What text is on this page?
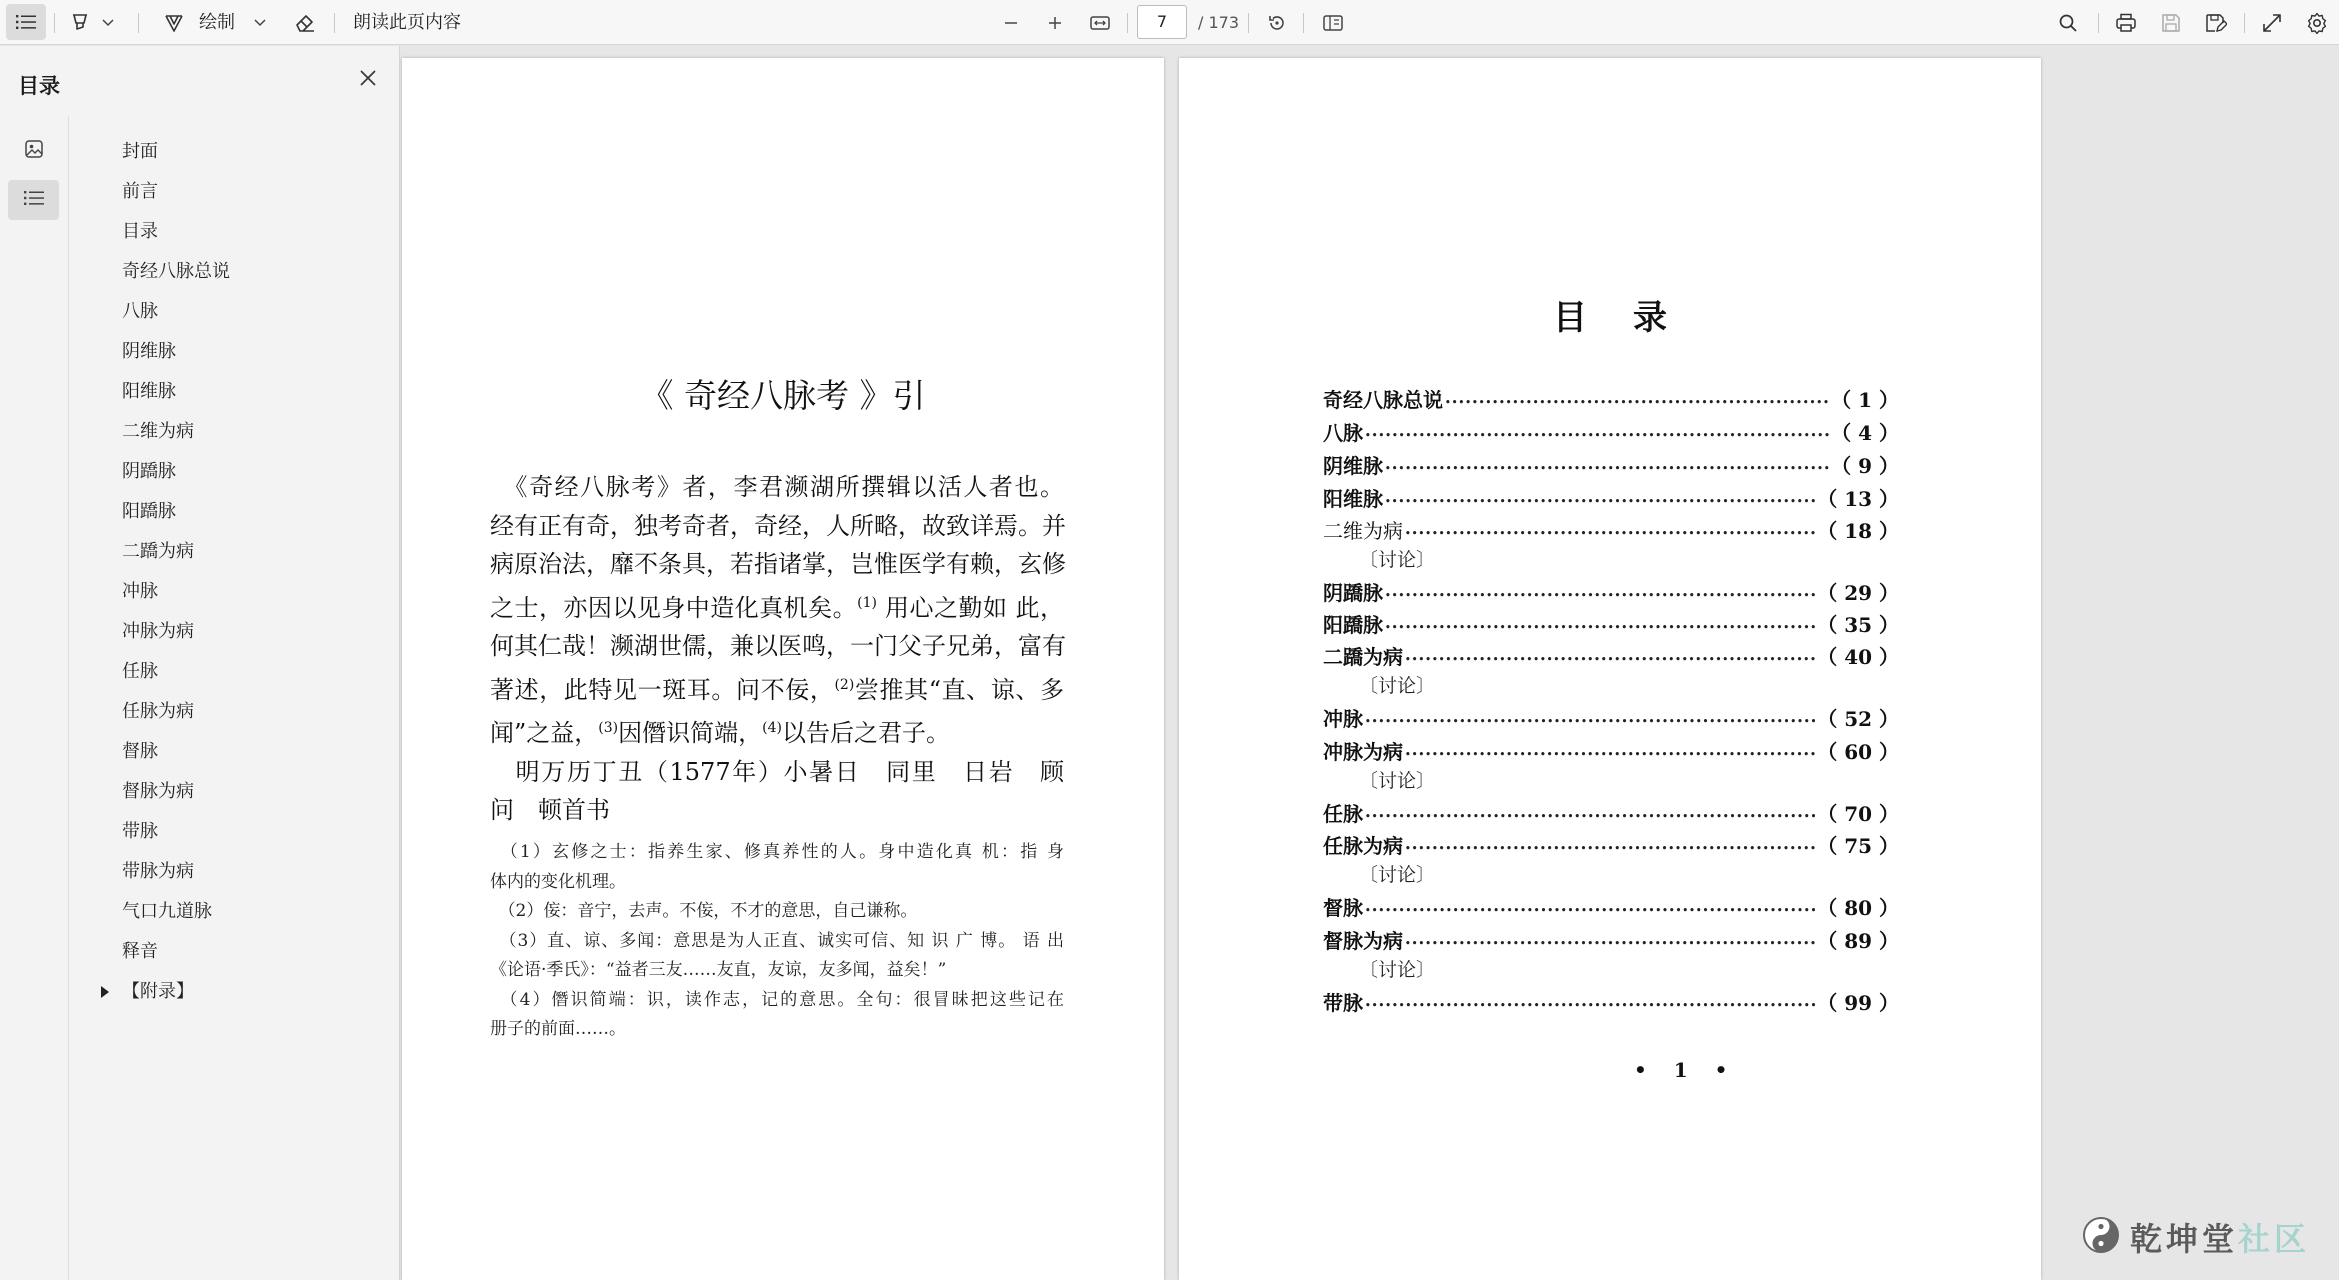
绘制	朗读此页内容	7	/ 173
目录
封面
前言
目录
奇经八脉总说
八脉
阴维脉
阳维脉
二维为病
阴蹻脉
阳蹻脉
二蹻为病
冲脉
冲脉为病
任脉
任脉为病
督脉
督脉为病
带脉
带脉为病
气口九道脉
释音
【附录】
《 奇经八脉考 》引
　《奇经八脉考》者，李君濒湖所撰辑以活人者也。
经有正有奇，独考奇者，奇经，人所略，故致详焉。并
病原治法，靡不条具，若指诸掌，岂惟医学有赖，玄修
之士，亦因以见身中造化真机矣。$^{(1)}$ 用心之勤如 此，
何其仁哉！濒湖世儒，兼以医鸣，一门父子兄弟，富有
著述，此特见一斑耳。问不佞，$^{(2)}$尝推其“直、谅、多
闻”之益，$^{(3)}$因僭识简端，$^{(4)}$以告后之君子。
　明万历丁丑（1577年）小暑日　同里　日岩　顾
问　顿首书
　（1）玄修之士：指养生家、修真养性的人。身中造化真 机：指 身
体内的变化机理。
　（2）侫：音宁，去声。不侫，不才的意思，自己谦称。
　（3）直、谅、多闻：意思是为人正直、诚实可信、知 识 广 博。 语 出
《论语·季氏》：“益者三友……友直，友谅，友多闻，益矣！”
　（4）僭识简端：识，读作志，记的意思。全句：很冒昧把这些记在
册子的前面……。
目录
奇经八脉总说 •••••	（ 1 ）
八脉 •••••	（ 4 ）
阴维脉 •••••	（ 9 ）
阳维脉 •••••	（ 13 ）
二维为病 •••••	（ 18 ）
〔讨论〕
阴蹻脉 •••••	（ 29 ）
阳蹻脉 •••••	（ 35 ）
二蹻为病 •••••	（ 40 ）
〔讨论〕
冲脉 •••••	（ 52 ）
冲脉为病 •••••	（ 60 ）
〔讨论〕
任脉 •••••	（ 70 ）
任脉为病 •••••	（ 75 ）
〔讨论〕
督脉 •••••	（ 80 ）
督脉为病 •••••	（ 89 ）
〔讨论〕
带脉 •••••	（ 99 ）
• 1 •
乾坤堂社区
